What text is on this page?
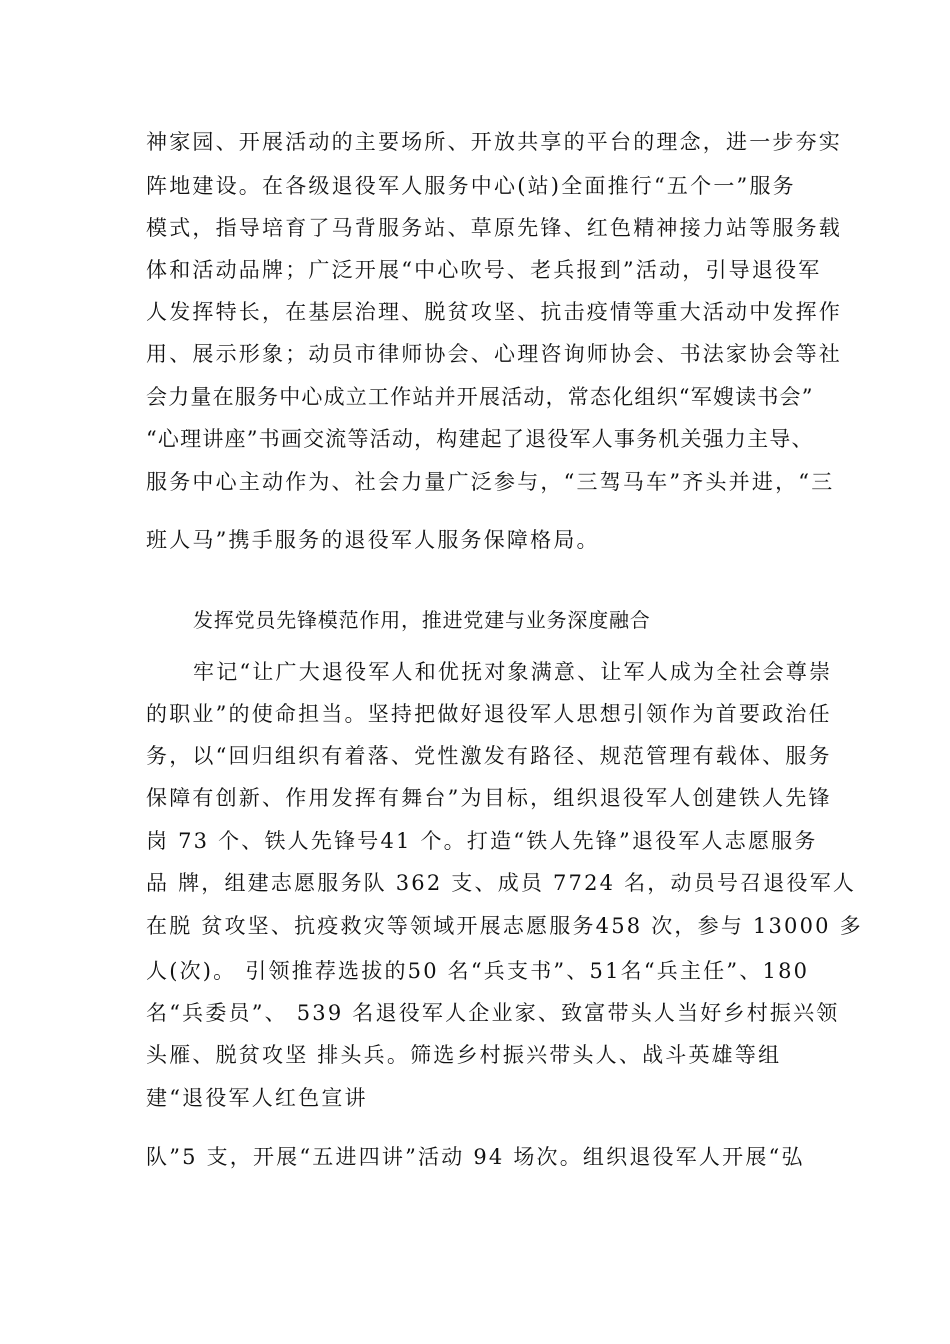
神家园、开展活动的主要场所、开放共享的平台的理念，进一步夯实
阵地建设。在各级退役军人服务中心(站)全面推行“五个一”服务
模式，指导培育了马背服务站、草原先锋、红色精神接力站等服务载
体和活动品牌；广泛开展“中心吹号、老兵报到”活动，引导退役军
人发挥特长，在基层治理、脱贫攻坚、抗击疫情等重大活动中发挥作
用、展示形象；动员市律师协会、心理咨询师协会、书法家协会等社
会力量在服务中心成立工作站并开展活动，常态化组织“军嫂读书会”
“心理讲座”书画交流等活动，构建起了退役军人事务机关强力主导、
服务中心主动作为、社会力量广泛参与，“三驾马车”齐头并进，“三
班人马”携手服务的退役军人服务保障格局。
发挥党员先锋模范作用，推进党建与业务深度融合
牢记“让广大退役军人和优抚对象满意、让军人成为全社会尊崇
的职业”的使命担当。坚持把做好退役军人思想引领作为首要政治任
务，以“回归组织有着落、党性激发有路径、规范管理有载体、服务
保障有创新、作用发挥有舞台”为目标，组织退役军人创建铁人先锋
岗 73 个、铁人先锋号41 个。打造“铁人先锋”退役军人志愿服务
品 牌，组建志愿服务队 362 支、成员 7724 名，动员号召退役军人
在脱 贫攻坚、抗疫救灾等领域开展志愿服务458 次，参与 13000 多
人(次)。 引领推荐选拔的50 名“兵支书”、51名“兵主任”、180
名“兵委员”、 539 名退役军人企业家、致富带头人当好乡村振兴领
头雁、脱贫攻坚 排头兵。筛选乡村振兴带头人、战斗英雄等组
建“退役军人红色宣讲
队”5 支，开展“五进四讲”活动 94 场次。组织退役军人开展“弘
